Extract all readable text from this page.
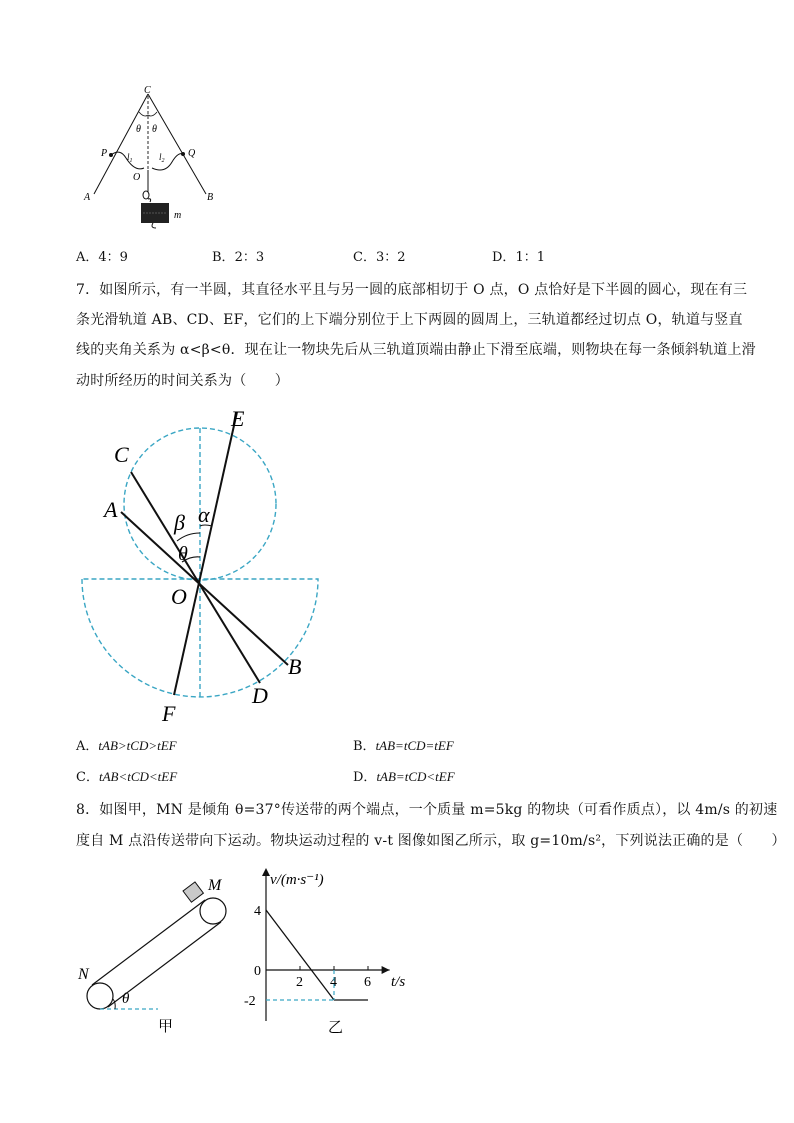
C
θ θ
P	Q
$l_1$	$l_2$
O
A	B
m
A．4：9	B．2：3	C．3：2	D．1：1
7．如图所示，有一半圆，其直径水平且与另一圆的底部相切于 O 点，O 点恰好是下半圆的圆心，现在有三
条光滑轨道 AB、CD、EF，它们的上下端分别位于上下两圆的圆周上，三轨道都经过切点 O，轨道与竖直
线的夹角关系为 α<β<θ．现在让一物块先后从三轨道顶端由静止下滑至底端，则物块在每一条倾斜轨道上滑
动时所经历的时间关系为（　　）
E
C
A
β α
θ
O
B
D
F
A．tAB>tCD>tEF	B．tAB=tCD=tEF
C．tAB<tCD<tEF	D．tAB=tCD<tEF
8．如图甲，MN 是倾角 θ=37°传送带的两个端点，一个质量 m=5kg 的物块（可看作质点），以 4m/s 的初速
度自 M 点沿传送带向下运动。物块运动过程的 v-t 图像如图乙所示，取 g=10m/s²，下列说法正确的是（　　）
M
N
θ
甲
2 4 6
4
0
-2
v/(m·s⁻¹)
t/s
乙
